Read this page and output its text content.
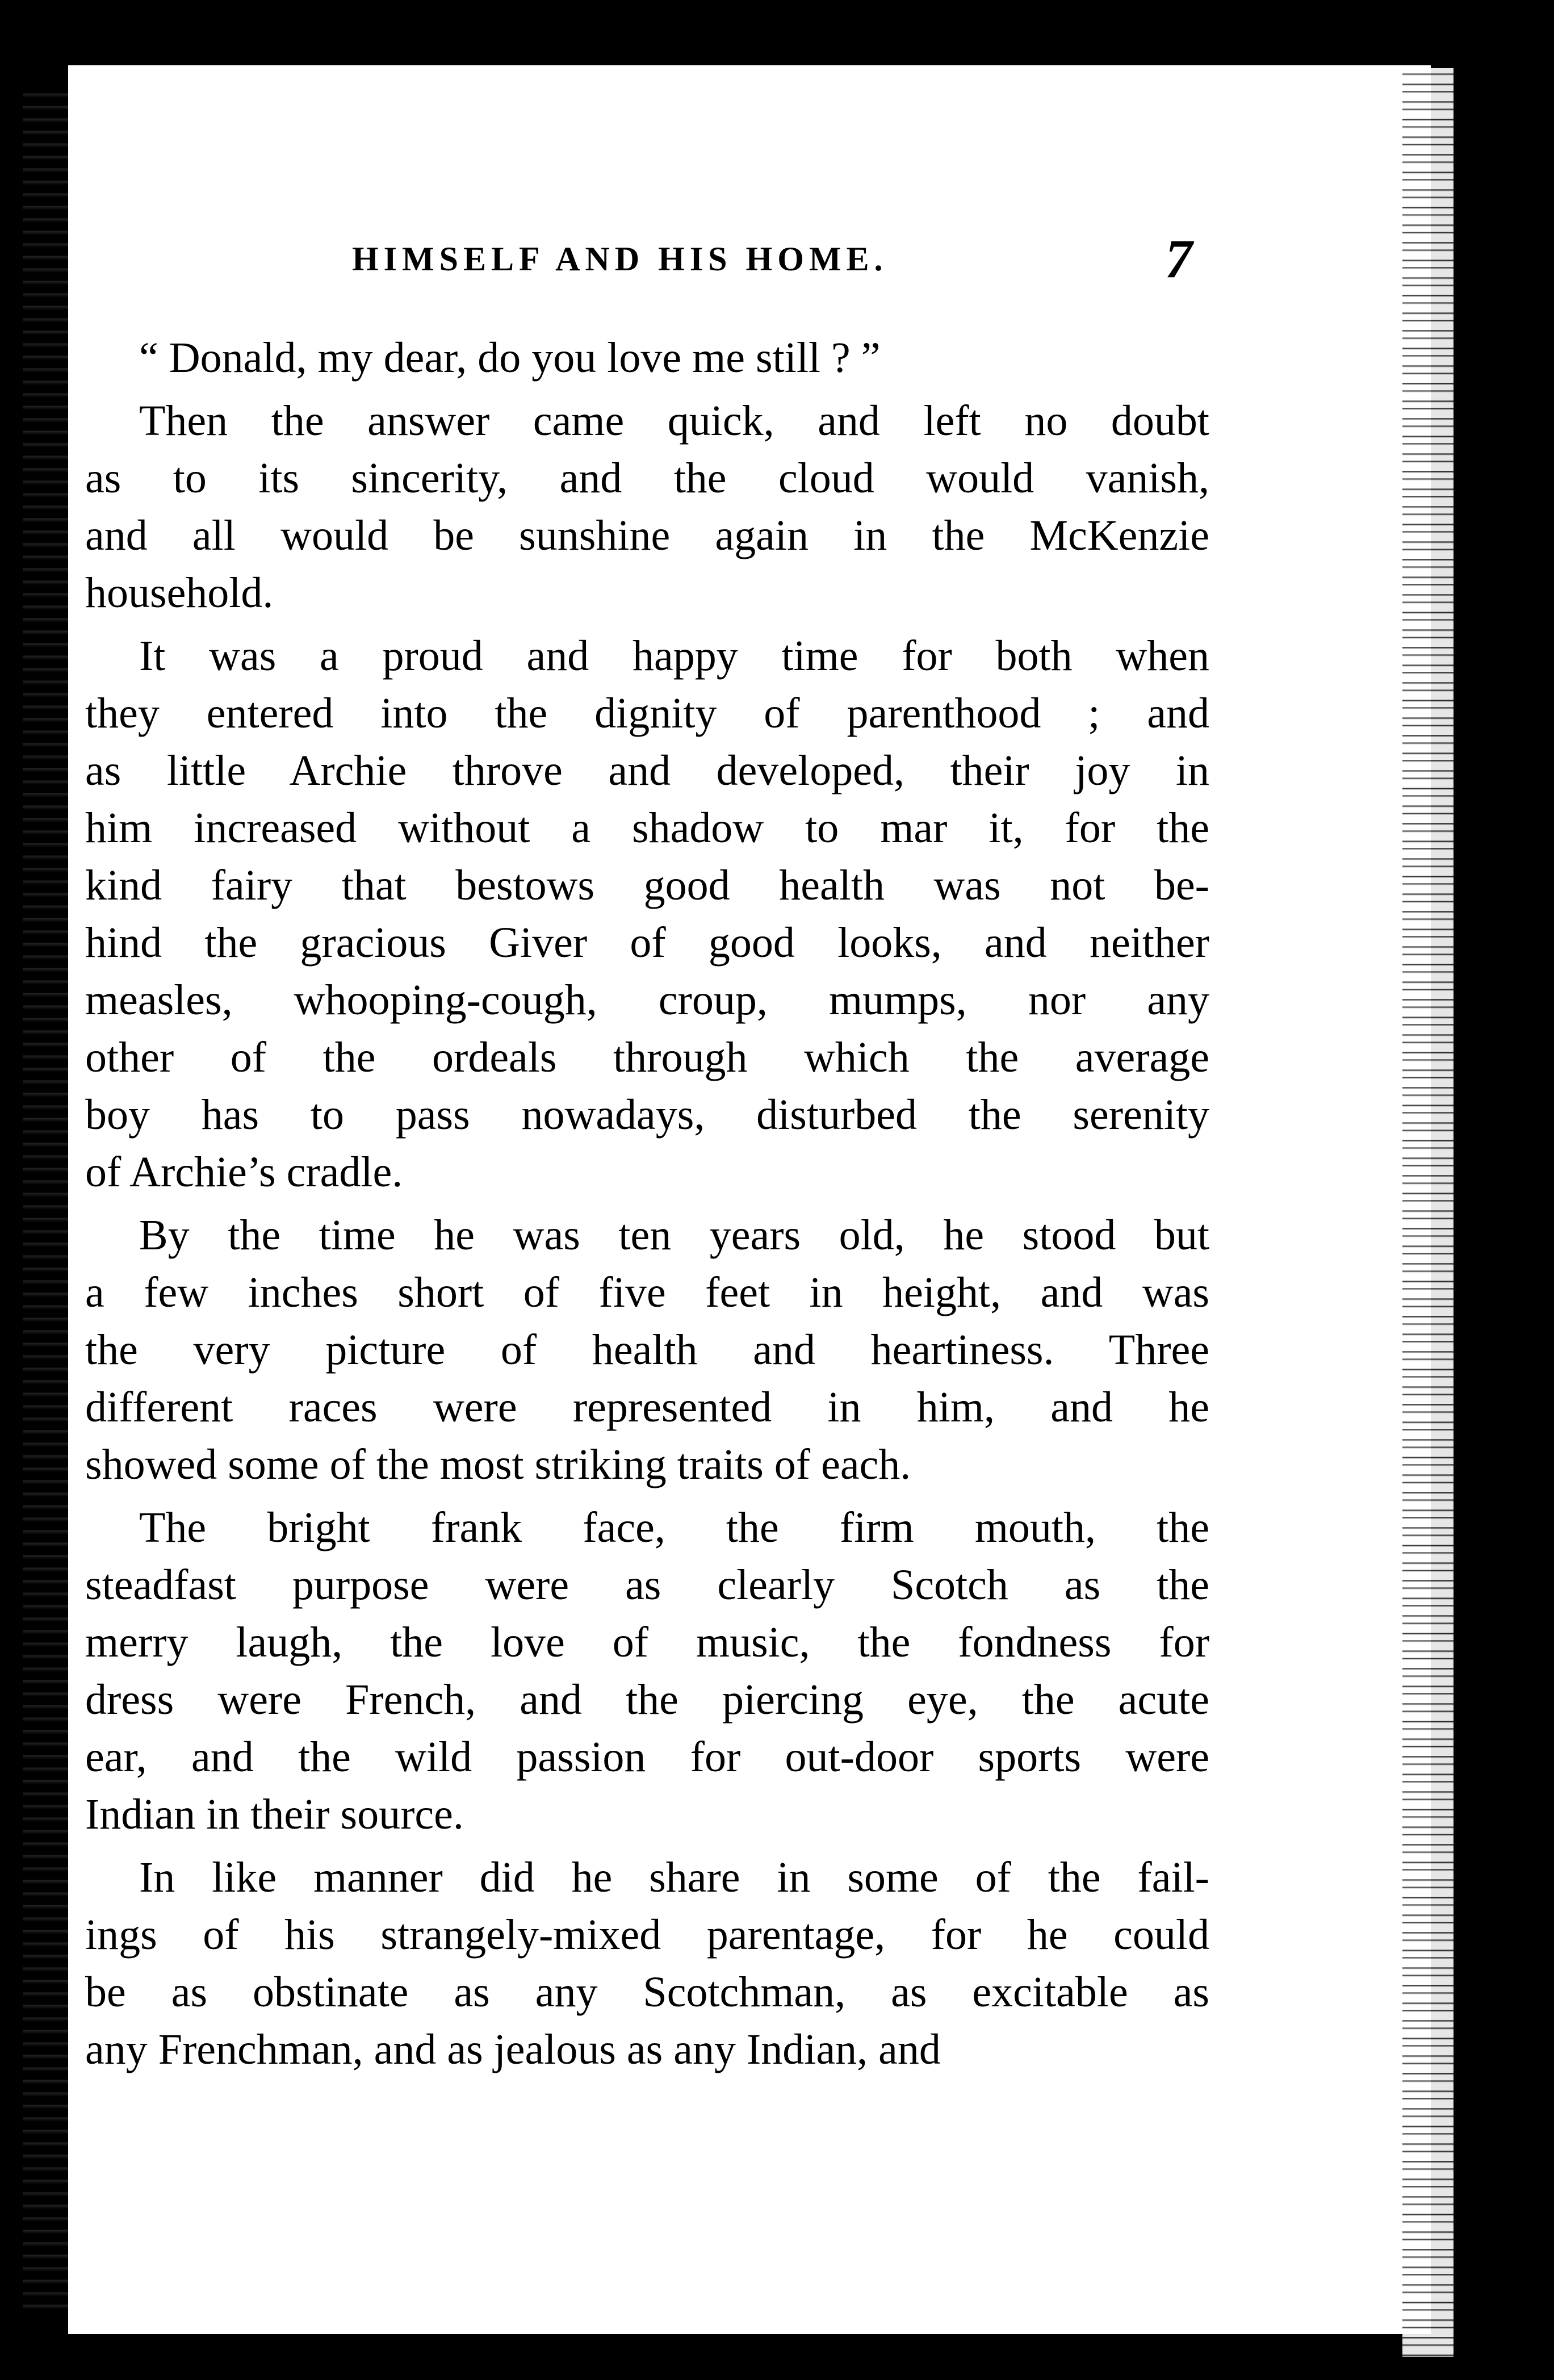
HIMSELF AND HIS HOME.	7
“ Donald, my dear, do you love me still ? ”
Then the answer came quick, and left no doubt
as to its sincerity, and the cloud would vanish,
and all would be sunshine again in the McKenzie
household.
It was a proud and happy time for both when
they entered into the dignity of parenthood ; and
as little Archie throve and developed, their joy in
him increased without a shadow to mar it, for the
kind fairy that bestows good health was not be-
hind the gracious Giver of good looks, and neither
measles, whooping-cough, croup, mumps, nor any
other of the ordeals through which the average
boy has to pass nowadays, disturbed the serenity
of Archie’s cradle.
By the time he was ten years old, he stood but
a few inches short of five feet in height, and was
the very picture of health and heartiness. Three
different races were represented in him, and he
showed some of the most striking traits of each.
The bright frank face, the firm mouth, the
steadfast purpose were as clearly Scotch as the
merry laugh, the love of music, the fondness for
dress were French, and the piercing eye, the acute
ear, and the wild passion for out-door sports were
Indian in their source.
In like manner did he share in some of the fail-
ings of his strangely-mixed parentage, for he could
be as obstinate as any Scotchman, as excitable as
any Frenchman, and as jealous as any Indian, and
